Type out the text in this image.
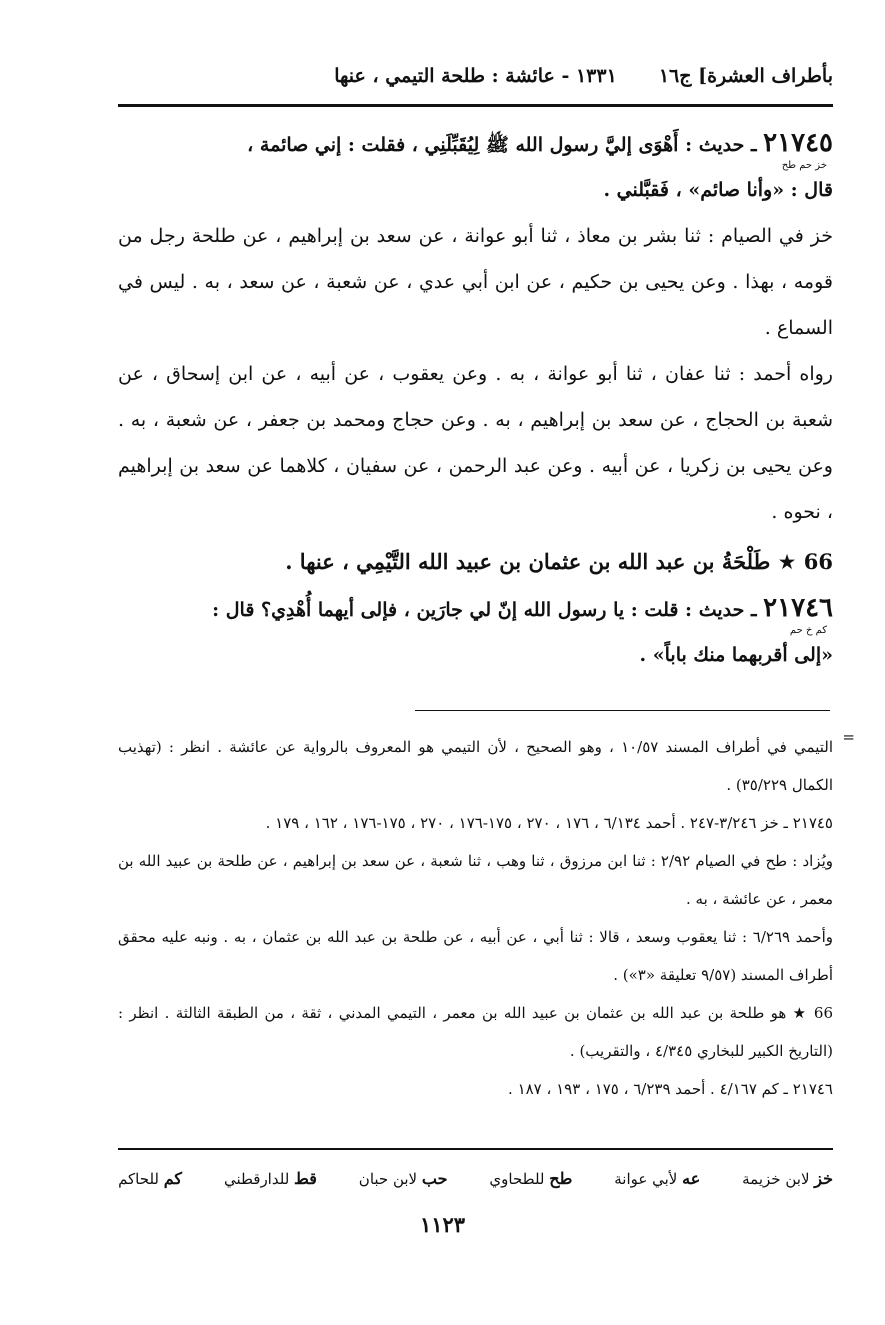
بأطراف العشرة] ج١٦
١٣٣١ - عائشة : طلحة التيمي ، عنها

٢١٧٤٥ ـ حديث : أَهْوَى إليَّ رسول الله ﷺ لِيُقَبِّلَنِي ، فقلت : إني صائمة ،
خز حم طح
قال : «وأنا صائم» ، فَقبَّلني .

خز في الصيام : ثنا بشر بن معاذ ، ثنا أبو عوانة ، عن سعد بن إبراهيم ، عن طلحة رجل من قومه ، بهذا . وعن يحيى بن حكيم ، عن ابن أبي عدي ، عن شعبة ، عن سعد ، به . ليس في السماع .

رواه أحمد : ثنا عفان ، ثنا أبو عوانة ، به . وعن يعقوب ، عن أبيه ، عن ابن إسحاق ، عن شعبة بن الحجاج ، عن سعد بن إبراهيم ، به . وعن حجاج ومحمد بن جعفر ، عن شعبة ، به . وعن يحيى بن زكريا ، عن أبيه . وعن عبد الرحمن ، عن سفيان ، كلاهما عن سعد بن إبراهيم ، نحوه .

66 ★ طَلْحَةُ بن عبد الله بن عثمان بن عبيد الله التَّيْمِي ، عنها .

٢١٧٤٦ ـ حديث : قلت : يا رسول الله إنّ لي جارَين ، فإلى أيهما أُهْدِي؟ قال :
كم خ حم
«إلى أقربهما منك باباً» .

=

التيمي في أطراف المسند ١٠/٥٧ ، وهو الصحيح ، لأن التيمي هو المعروف بالرواية عن عائشة . انظر : (تهذيب الكمال ٣٥/٢٢٩) .

٢١٧٤٥ ـ خز ٣/٢٤٦-٢٤٧ . أحمد ٦/١٣٤ ، ١٧٦ ، ٢٧٠ ، ١٧٥-١٧٦ ، ٢٧٠ ، ١٧٥-١٧٦ ، ١٦٢ ، ١٧٩ .

ويُزاد : طح في الصيام ٢/٩٢ : ثنا ابن مرزوق ، ثنا وهب ، ثنا شعبة ، عن سعد بن إبراهيم ، عن طلحة بن عبيد الله بن معمر ، عن عائشة ، به .

وأحمد ٦/٢٦٩ : ثنا يعقوب وسعد ، قالا : ثنا أبي ، عن أبيه ، عن طلحة بن عبد الله بن عثمان ، به . ونبه عليه محقق أطراف المسند (٩/٥٧ تعليقة «٣») .

66 ★ هو طلحة بن عبد الله بن عثمان بن عبيد الله بن معمر ، التيمي المدني ، ثقة ، من الطبقة الثالثة . انظر : (التاريخ الكبير للبخاري ٤/٣٤٥ ، والتقريب) .

٢١٧٤٦ ـ كم ٤/١٦٧ . أحمد ٦/٢٣٩ ، ١٧٥ ، ١٩٣ ، ١٨٧ .

خز لابن خزيمة
عه لأبي عوانة
طح للطحاوي
حب لابن حبان
قط للدارقطني
كم للحاكم
١١٢٣
